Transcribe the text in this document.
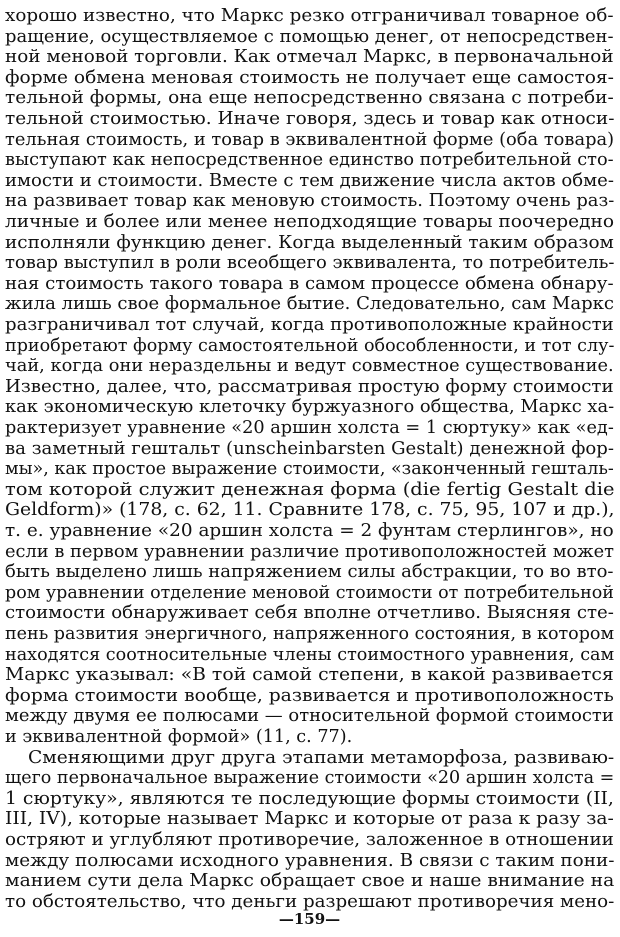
хорошо известно, что Маркс резко отграничивал товарное об-
ращение, осуществляемое с помощью денег, от непосредствен-
ной меновой торговли. Как отмечал Маркс, в первоначальной
форме обмена меновая стоимость не получает еще самостоя-
тельной формы, она еще непосредственно связана с потреби-
тельной стоимостью. Иначе говоря, здесь и товар как относи-
тельная стоимость, и товар в эквивалентной форме (оба товара)
выступают как непосредственное единство потребительной сто-
имости и стоимости. Вместе с тем движение числа актов обме-
на развивает товар как меновую стоимость. Поэтому очень раз-
личные и более или менее неподходящие товары поочередно
исполняли функцию денег. Когда выделенный таким образом
товар выступил в роли всеобщего эквивалента, то потребитель-
ная стоимость такого товара в самом процессе обмена обнару-
жила лишь свое формальное бытие. Следовательно, сам Маркс
разграничивал тот случай, когда противоположные крайности
приобретают форму самостоятельной обособленности, и тот слу-
чай, когда они нераздельны и ведут совместное существование.
Известно, далее, что, рассматривая простую форму стоимости
как экономическую клеточку буржуазного общества, Маркс ха-
рактеризует уравнение «20 аршин холста = 1 сюртуку» как «ед-
ва заметный гештальт (unscheinbarsten Gestalt) денежной фор-
мы», как простое выражение стоимости, «законченный гешталь-
том которой служит денежная форма (die fertig Gestalt die
Geldform)» (178, с. 62, 11. Сравните 178, с. 75, 95, 107 и др.),
т. е. уравнение «20 аршин холста = 2 фунтам стерлингов», но
если в первом уравнении различие противоположностей может
быть выделено лишь напряжением силы абстракции, то во вто-
ром уравнении отделение меновой стоимости от потребительной
стоимости обнаруживает себя вполне отчетливо. Выясняя сте-
пень развития энергичного, напряженного состояния, в котором
находятся соотносительные члены стоимостного уравнения, сам
Маркс указывал: «В той самой степени, в какой развивается
форма стоимости вообще, развивается и противоположность
между двумя ее полюсами — относительной формой стоимости
и эквивалентной формой» (11, с. 77).
Сменяющими друг друга этапами метаморфоза, развиваю-
щего первоначальное выражение стоимости «20 аршин холста =
1 сюртуку», являются те последующие формы стоимости (II,
III, IV), которые называет Маркс и которые от раза к разу за-
остряют и углубляют противоречие, заложенное в отношении
между полюсами исходного уравнения. В связи с таким пони-
манием сути дела Маркс обращает свое и наше внимание на
то обстоятельство, что деньги разрешают противоречия мено-
—159—
